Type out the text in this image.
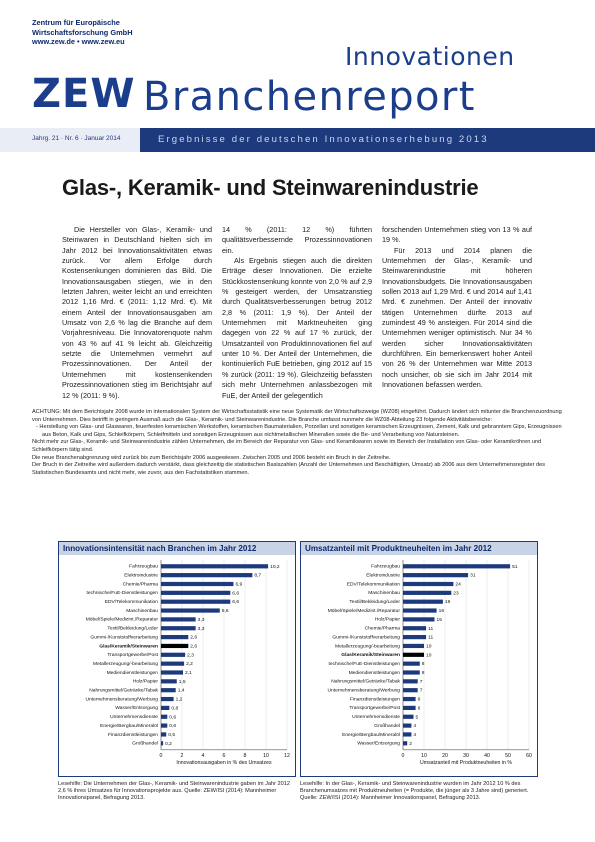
Zentrum für Europäische
Wirtschaftsforschung GmbH
www.zew.de • www.zew.eu
ZEW
Innovationen
Branchenreport
Jahrg. 21 · Nr. 6 · Januar 2014	Ergebnisse der deutschen Innovationserhebung 2013
Glas-, Keramik- und Steinwarenindustrie

Die Hersteller von Glas-, Keramik- und Steinwaren in Deutschland hielten sich im Jahr 2012 bei Innovationsaktivitäten etwas zurück. Vor allem Erfolge durch Kostensenkungen dominieren das Bild. Die Innovationsausgaben stiegen, wie in den letzten Jahren, weiter leicht an und erreichten 2012 1,16 Mrd. € (2011: 1,12 Mrd. €). Mit einem Anteil der Innovationsausgaben am Umsatz von 2,6 % lag die Branche auf dem Vorjahresniveau. Die Innovatorenquote nahm von 43 % auf 41 % leicht ab. Gleichzeitig setzte die Unternehmen vermehrt auf Prozessinnovationen. Der Anteil der Unternehmen mit kostensenkenden Prozessinnovationen stieg im Berichtsjahr auf 12 % (2011: 9 %).

14 % (2011: 12 %) führten qualitätsverbessernde Prozessinnovationen ein.

Als Ergebnis stiegen auch die direkten Erträge dieser Innovationen. Die erzielte Stückkostensenkung konnte von 2,0 % auf 2,9 % gesteigert werden, der Umsatzanstieg durch Qualitätsverbesserungen betrug 2012 2,8 % (2011: 1,9 %). Der Anteil der Unternehmen mit Marktneuheiten ging dagegen von 22 % auf 17 % zurück, der Umsatzanteil von Produktinnovationen fiel auf unter 10 %. Der Anteil der Unternehmen, die kontinuierlich FuE betrieben, ging 2012 auf 15 % zurück (2011: 19 %). Gleichzeitig befassten sich mehr Unternehmen anlassbezogen mit FuE, der Anteil der gelegentlich

forschenden Unternehmen stieg von 13 % auf 19 %.

Für 2013 und 2014 planen die Unternehmen der Glas-, Keramik- und Steinwarenindustrie mit höheren Innovationsbudgets. Die Innovationsausgaben sollen 2013 auf 1,29 Mrd. € und 2014 auf 1,41 Mrd. € zunehmen. Der Anteil der innovativ tätigen Unternehmen dürfte 2013 auf zumindest 49 % ansteigen. Für 2014 sind die Unternehmen weniger optimistisch. Nur 34 % werden sicher Innovationsaktivitäten durchführen. Ein bemerkenswert hoher Anteil von 26 % der Unternehmen war Mitte 2013 noch unsicher, ob sie sich im Jahr 2014 mit Innovationen befassen werden.

ACHTUNG: Mit dem Berichtsjahr 2008 wurde im internationalen System der Wirtschaftsstatistik eine neue Systematik der Wirtschaftszweige (WZ08) eingeführt. Dadurch ändert sich mitunter die Branchenzuordnung von Unternehmen. Dies betrifft in geringem Ausmaß auch die Glas-, Keramik- und Steinwarenindustrie. Die Branche umfasst nunmehr die WZ08-Abteilung 23 folgende Aktivitätsbereiche:

- Herstellung von Glas- und Glaswaren, feuerfesten keramischen Werkstoffen, keramischen Baumaterialien, Porzellan und sonstigen keramischen Erzeugnissen, Zement, Kalk und gebranntem Gips, Erzeugnissen aus Beton, Kalk und Gips, Schleifkörpern, Schleifmitteln und sonstigen Erzeugnissen aus nichtmetallischen Mineralien sowie die Be- und Verarbeitung von Natursteinen.

Nicht mehr zur Glas-, Keramik- und Steinwarenindustrie zählen Unternehmen, die im Bereich der Reparatur von Glas- und Keramikwaren sowie im Bereich der Installation von Glas- oder Keramikröhren und Schleifkörpern tätig sind.

Die neue Branchenabgrenzung wird zurück bis zum Berichtsjahr 2006 ausgewiesen. Zwischen 2005 und 2006 besteht ein Bruch in der Zeitreihe.

Der Bruch in der Zeitreihe wird außerdem dadurch verstärkt, dass gleichzeitig die statistischen Basiszahlen (Anzahl der Unternehmen und Beschäftigten, Umsatz) ab 2006 aus dem Unternehmensregister des Statistischen Bundesamts und nicht mehr, wie zuvor, aus den Fachstatistiken stammen.

Innovationsintensität nach Branchen im Jahr 2012
Fahrzeugbau	10,2
Elektroindustrie	8,7
Chemie/Pharma	6,9
technische/FuE-Dienstleistungen	6,6
EDV/Telekommunikation	6,6
Maschinenbau	5,6
Möbel/Spiele/Medizint./Reparatur	3,3
Textil/Bekleidung/Leder	3,3
Gummi-/Kunststoffverarbeitung	2,6
Glas/Keramik/Steinwaren	2,6
Transportgewerbe/Post	2,3
Metallerzeugung/-bearbeitung	2,2
Mediendienstleistungen	2,1
Holz/Papier	1,5
Nahrungsmittel/Getränke/Tabak	1,4
Unternehmensberatung/Werbung	1,2
Wasser/Entsorgung	0,8
Unternehmensdienste 0,6
Energie/Bergbau/Mineralöl 0,6
Finanzdienstleistungen 0,5
Großhandel 0,2
0	2	4	6	8	10	12
Innovationsausgaben in % des Umsatzes
Umsatzanteil mit Produktneuheiten im Jahr 2012
Fahrzeugbau	51
Elektroindustrie	31
EDV/Telekommunikation	24
Maschinenbau	23
Textil/Bekleidung/Leder	19
Möbel/Spiele/Medizint./Reparatur	16
Holz/Papier	15
Chemie/Pharma	11
Gummi-/Kunststoffverarbeitung	11
Metallerzeugung/-bearbeitung	10
Glas/Keramik/Steinwaren	10
technische/FuE-Dienstleistungen	8
Mediendienstleistungen	8
Nahrungsmittel/Getränke/Tabak	7
Unternehmensberatung/Werbung	7
Finanzdienstleistungen	6
Transportgewerbe/Post	6
Unternehmensdienste	5
Großhandel	4
Energie/Bergbau/Mineralöl	4
Wasser/Entsorgung 2
0	10	20	30	40	50	60
Umsatzanteil mit Produktneuheiten in %
Lesehilfe: Die Unternehmen der Glas-, Keramik- und Steinwarenindustrie gaben im Jahr 2012 2,6 % ihres Umsatzes für Innovationsprojekte aus. Quelle: ZEW/ISI (2014): Mannheimer Innovationspanel, Befragung 2013.
Lesehilfe: In der Glas-, Keramik- und Steinwarenindustrie wurden im Jahr 2012 10 % des Branchenumsatzes mit Produktneuheiten (= Produkte, die jünger als 3 Jahre sind) generiert. Quelle: ZEW/ISI (2014): Mannheimer Innovationspanel, Befragung 2013.
